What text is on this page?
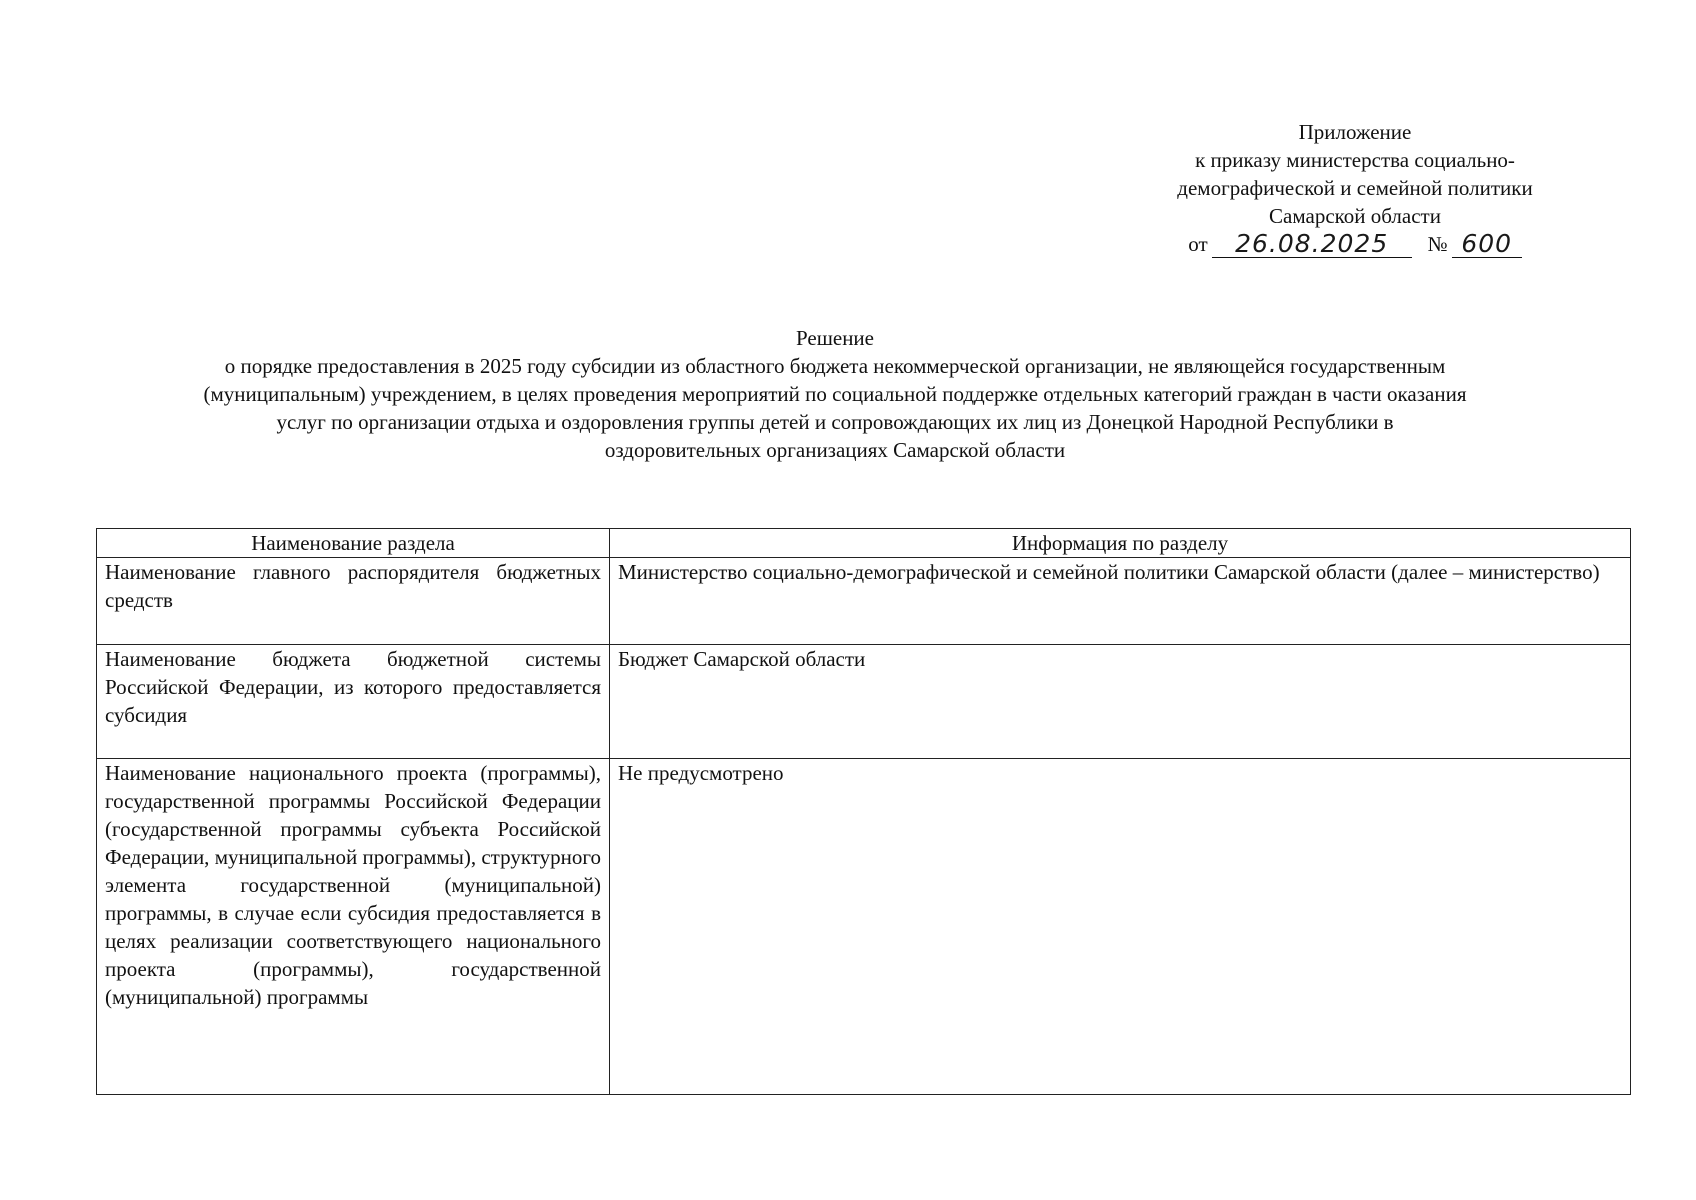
Приложение
к приказу министерства социально-
демографической и семейной политики
Самарской области
от	26.08.2025	№ 600
Решение
о порядке предоставления в 2025 году субсидии из областного бюджета некоммерческой организации, не являющейся государственным
(муниципальным) учреждением, в целях проведения мероприятий по социальной поддержке отдельных категорий граждан в части оказания
услуг по организации отдыха и оздоровления группы детей и сопровождающих их лиц из Донецкой Народной Республики в
оздоровительных организациях Самарской области
Наименование раздела	Информация по разделу
Наименование главного распорядителя бюджетных средств	Министерство социально-демографической и семейной политики Самарской области (далее – министерство)
Наименование бюджета бюджетной системы Российской Федерации, из которого предоставляется субсидия	Бюджет Самарской области
Наименование национального проекта (программы), государственной программы Российской Федерации (государственной программы субъекта Российской Федерации, муниципальной программы), структурного элемента государственной (муниципальной) программы, в случае если субсидия предоставляется в целях реализации соответствующего национального проекта (программы), государственной (муниципальной) программы	Не предусмотрено
